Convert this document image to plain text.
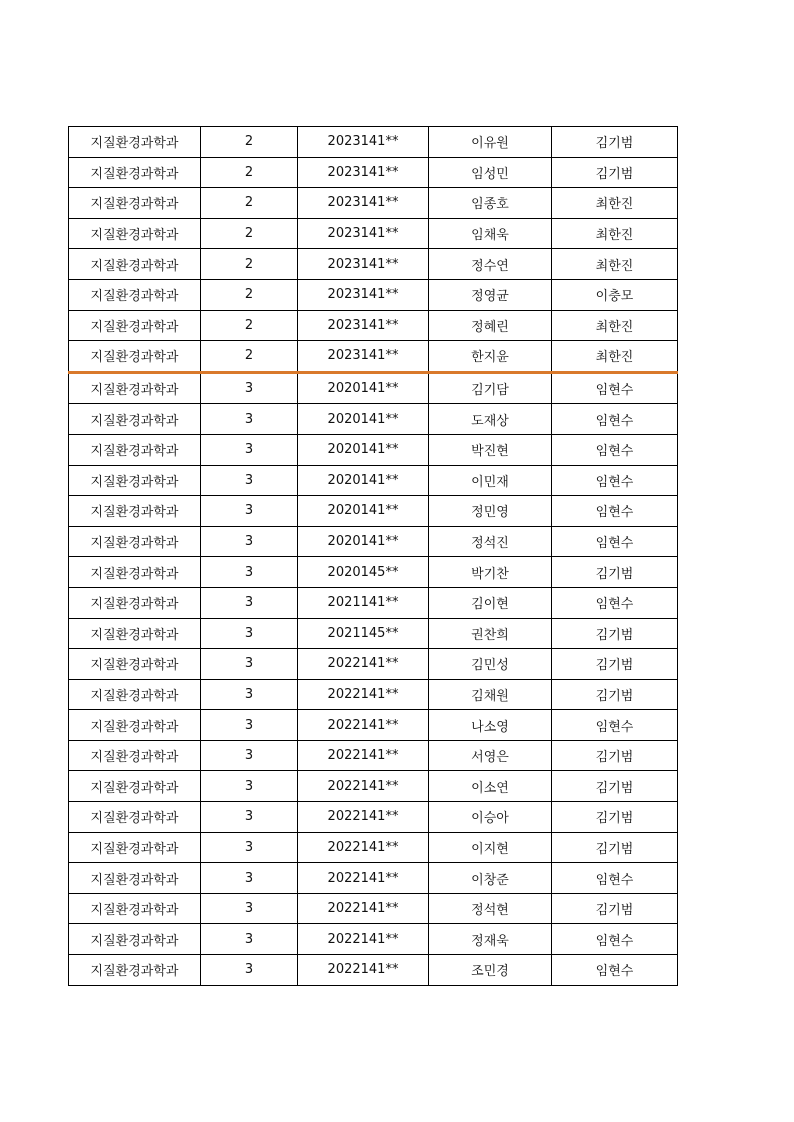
지질환경과학과	2	2023141**	이유원	김기범
지질환경과학과	2	2023141**	임성민	김기범
지질환경과학과	2	2023141**	임종호	최한진
지질환경과학과	2	2023141**	임채욱	최한진
지질환경과학과	2	2023141**	정수연	최한진
지질환경과학과	2	2023141**	정영균	이충모
지질환경과학과	2	2023141**	정혜린	최한진
지질환경과학과	2	2023141**	한지윤	최한진
지질환경과학과	3	2020141**	김기담	임현수
지질환경과학과	3	2020141**	도재상	임현수
지질환경과학과	3	2020141**	박진현	임현수
지질환경과학과	3	2020141**	이민재	임현수
지질환경과학과	3	2020141**	정민영	임현수
지질환경과학과	3	2020141**	정석진	임현수
지질환경과학과	3	2020145**	박기찬	김기범
지질환경과학과	3	2021141**	김이현	임현수
지질환경과학과	3	2021145**	권찬희	김기범
지질환경과학과	3	2022141**	김민성	김기범
지질환경과학과	3	2022141**	김채원	김기범
지질환경과학과	3	2022141**	나소영	임현수
지질환경과학과	3	2022141**	서영은	김기범
지질환경과학과	3	2022141**	이소연	김기범
지질환경과학과	3	2022141**	이승아	김기범
지질환경과학과	3	2022141**	이지현	김기범
지질환경과학과	3	2022141**	이창준	임현수
지질환경과학과	3	2022141**	정석현	김기범
지질환경과학과	3	2022141**	정재욱	임현수
지질환경과학과	3	2022141**	조민경	임현수
